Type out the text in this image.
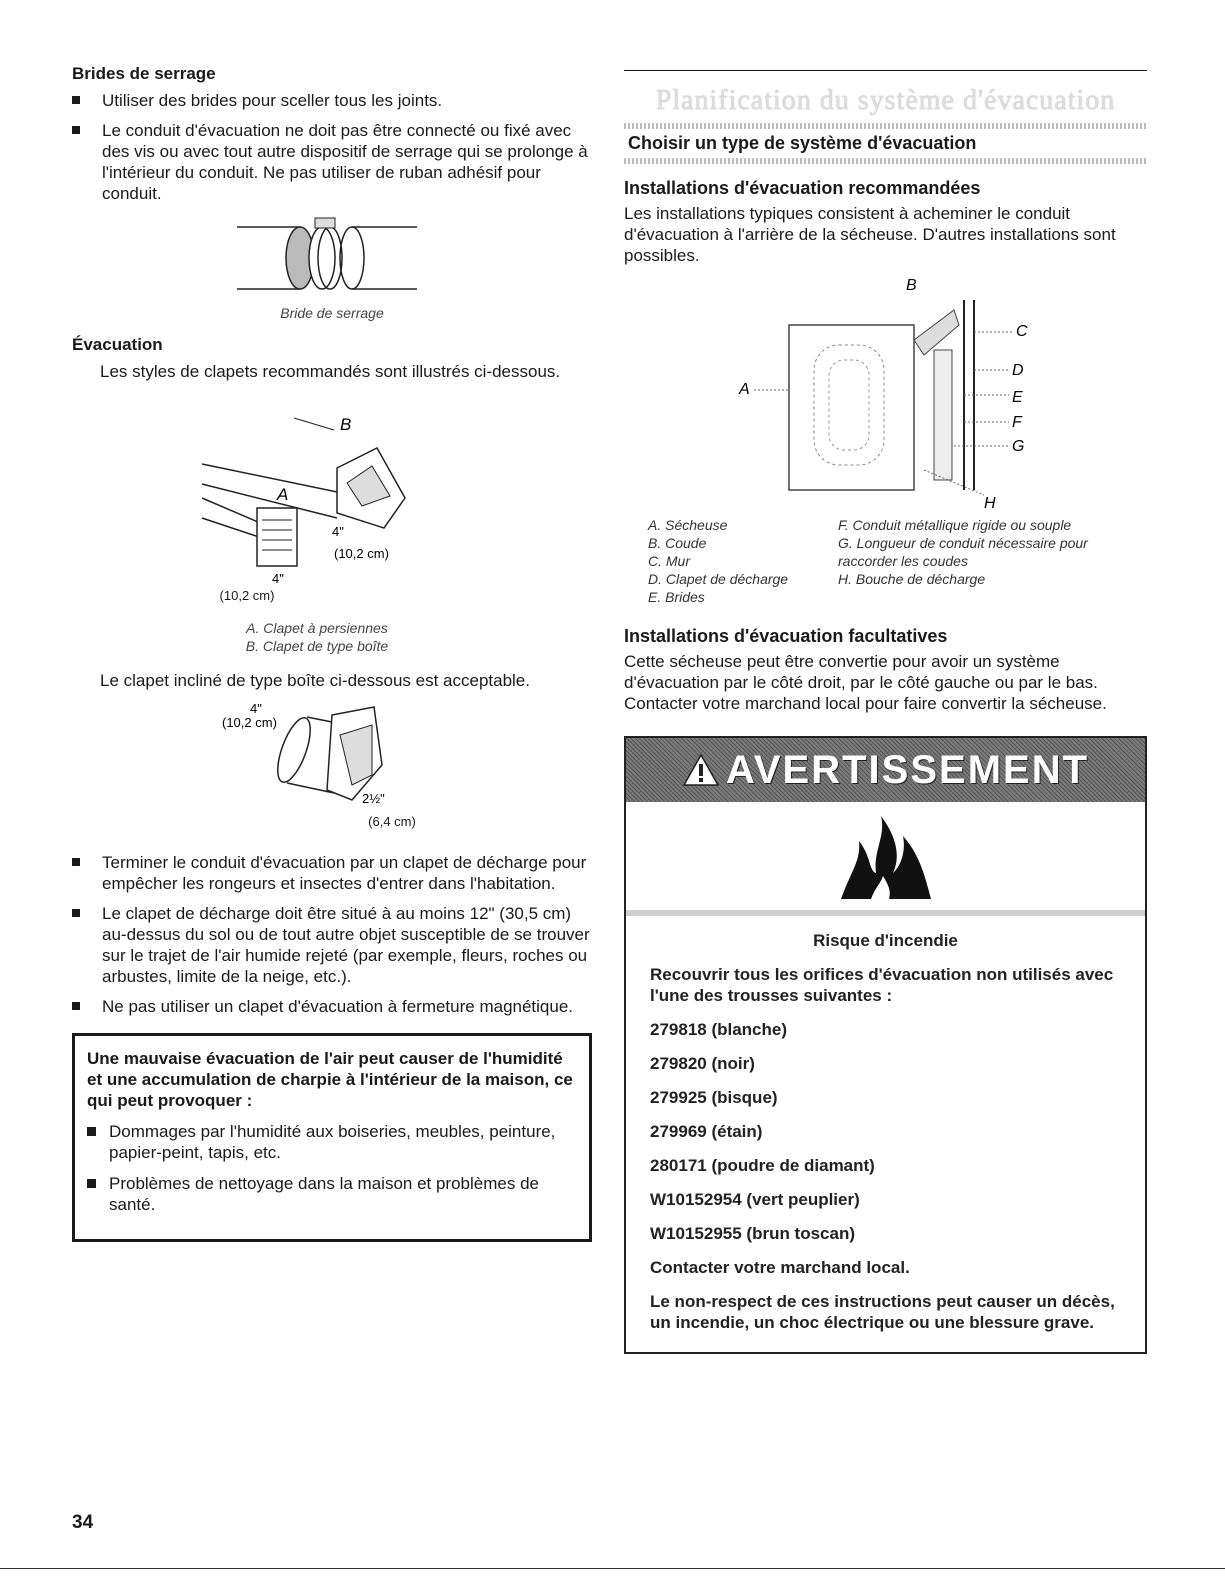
Brides de serrage

Utiliser des brides pour sceller tous les joints.
Le conduit d'évacuation ne doit pas être connecté ou fixé avec des vis ou avec tout autre dispositif de serrage qui se prolonge à l'intérieur du conduit. Ne pas utiliser de ruban adhésif pour conduit.

Bride de serrage

Évacuation

Les styles de clapets recommandés sont illustrés ci-dessous.

B
A
4"
(10,2 cm)
4"

(10,2 cm)

A. Clapet à persiennes

B. Clapet de type boîte

Le clapet incliné de type boîte ci-dessous est acceptable.

4"
(10,2 cm)
2½"

(6,4 cm)

Terminer le conduit d'évacuation par un clapet de décharge pour empêcher les rongeurs et insectes d'entrer dans l'habitation.
Le clapet de décharge doit être situé à au moins 12" (30,5 cm) au-dessus du sol ou de tout autre objet susceptible de se trouver sur le trajet de l'air humide rejeté (par exemple, fleurs, roches ou arbustes, limite de la neige, etc.).
Ne pas utiliser un clapet d'évacuation à fermeture magnétique.

Une mauvaise évacuation de l'air peut causer de l'humidité et une accumulation de charpie à l'intérieur de la maison, ce qui peut provoquer :

Dommages par l'humidité aux boiseries, meubles, peinture, papier-peint, tapis, etc.
Problèmes de nettoyage dans la maison et problèmes de santé.
Planification du système d'évacuation
Choisir un type de système d'évacuation

Installations d'évacuation recommandées

Les installations typiques consistent à acheminer le conduit d'évacuation à l'arrière de la sécheuse. D'autres installations sont possibles.

B
A
C
D
E
F
G
H
A. Sécheuse
B. Coude
C. Mur
D. Clapet de décharge
E. Brides
F. Conduit métallique rigide ou souple
G. Longueur de conduit nécessaire pour raccorder les coudes
H. Bouche de décharge

Installations d'évacuation facultatives

Cette sécheuse peut être convertie pour avoir un système d'évacuation par le côté droit, par le côté gauche ou par le bas. Contacter votre marchand local pour faire convertir la sécheuse.

AVERTISSEMENT

Risque d'incendie

Recouvrir tous les orifices d'évacuation non utilisés avec l'une des trousses suivantes :

279818 (blanche)

279820 (noir)

279925 (bisque)

279969 (étain)

280171 (poudre de diamant)

W10152954 (vert peuplier)

W10152955 (brun toscan)

Contacter votre marchand local.

Le non-respect de ces instructions peut causer un décès, un incendie, un choc électrique ou une blessure grave.

34
